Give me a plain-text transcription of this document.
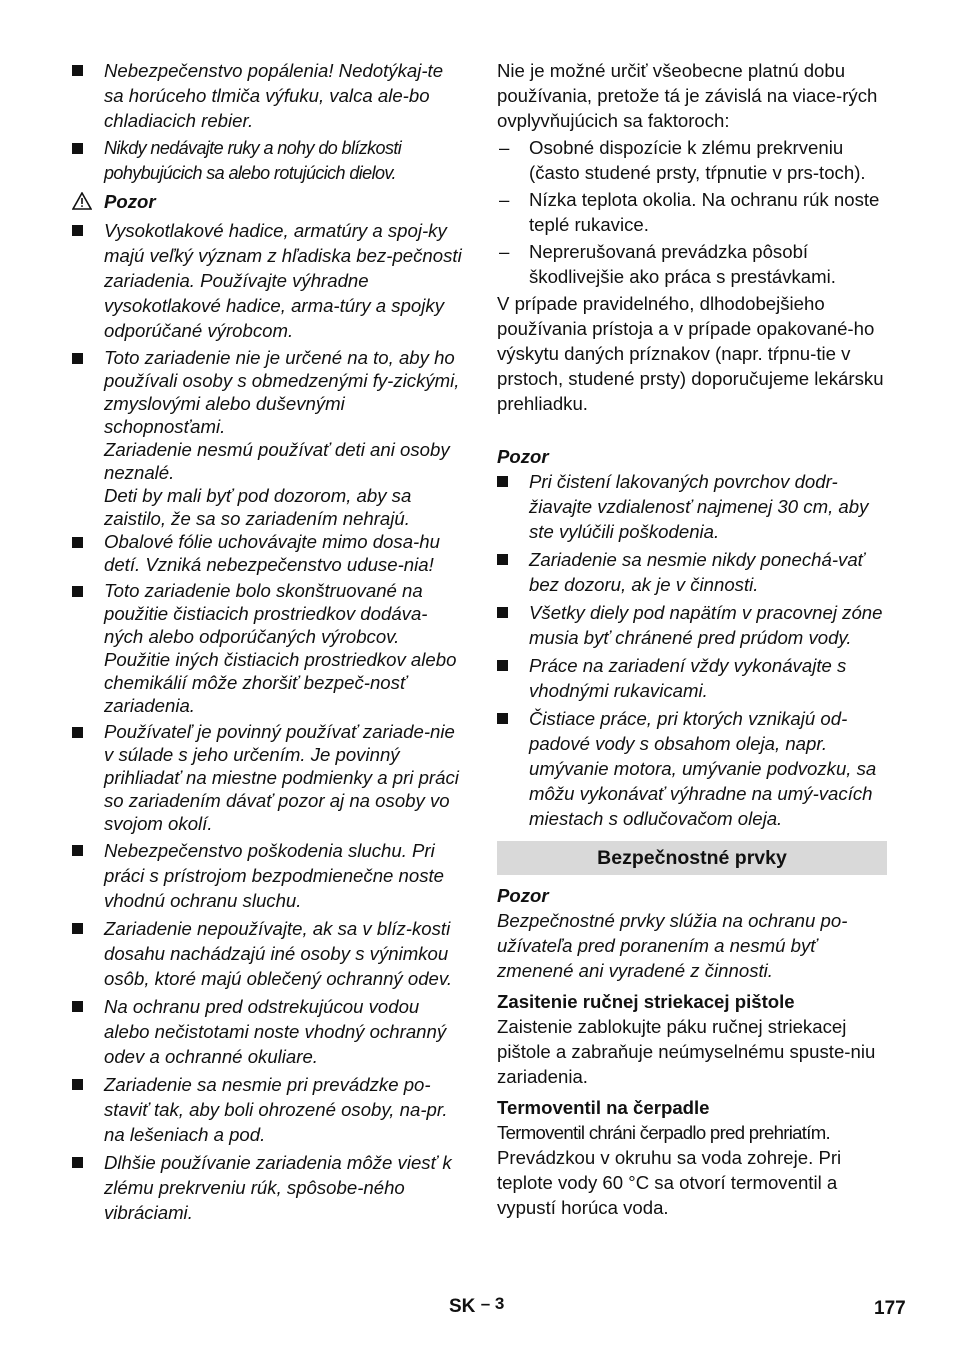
Nebezpečenstvo popálenia! Nedotýkaj-te sa horúceho tlmiča výfuku, valca ale-bo chladiacich rebier.

Nikdy nedávajte ruky a nohy do blízkosti pohybujúcich sa alebo rotujúcich dielov.

Pozor

Vysokotlakové hadice, armatúry a spoj-ky majú veľký význam z hľadiska bez-pečnosti zariadenia. Používajte výhradne vysokotlakové hadice, arma-túry a spojky odporúčané výrobcom.

Toto zariadenie nie je určené na to, aby ho používali osoby s obmedzenými fy-zickými, zmyslovými alebo duševnými schopnosťami.

Zariadenie nesmú používať deti ani osoby neznalé.

Deti by mali byť pod dozorom, aby sa zaistilo, že sa so zariadením nehrajú.

Obalové fólie uchovávajte mimo dosa-hu detí. Vzniká nebezpečenstvo uduse-nia!

Toto zariadenie bolo skonštruované na použitie čistiacich prostriedkov dodáva-ných alebo odporúčaných výrobcov. Použitie iných čistiacich prostriedkov alebo chemikálií môže zhoršiť bezpeč-nosť zariadenia.

Používateľ je povinný používať zariade-nie v súlade s jeho určením. Je povinný prihliadať na miestne podmienky a pri práci so zariadením dávať pozor aj na osoby vo svojom okolí.

Nebezpečenstvo poškodenia sluchu. Pri práci s prístrojom bezpodmienečne noste vhodnú ochranu sluchu.

Zariadenie nepoužívajte, ak sa v blíz-kosti dosahu nachádzajú iné osoby s výnimkou osôb, ktoré majú oblečený ochranný odev.

Na ochranu pred odstrekujúcou vodou alebo nečistotami noste vhodný ochranný odev a ochranné okuliare.

Zariadenie sa nesmie pri prevádzke po-staviť tak, aby boli ohrozené osoby, na-pr. na lešeniach a pod.

Dlhšie používanie zariadenia môže viesť k zlému prekrveniu rúk, spôsobe-ného vibráciami.

Nie je možné určiť všeobecne platnú dobu používania, pretože tá je závislá na viace-rých ovplyvňujúcich sa faktoroch:

– Osobné dispozície k zlému prekrveniu (často studené prsty, tŕpnutie v prs-toch).
– Nízka teplota okolia. Na ochranu rúk noste teplé rukavice.
– Neprerušovaná prevádzka pôsobí škodlivejšie ako práca s prestávkami.

V prípade pravidelného, dlhodobejšieho používania prístoja a v prípade opakované-ho výskytu daných príznakov (napr. tŕpnu-tie v prstoch, studené prsty) doporučujeme lekársku prehliadku.

Pozor

Pri čistení lakovaných povrchov dodr-žiavajte vzdialenosť najmenej 30 cm, aby ste vylúčili poškodenia.

Zariadenie sa nesmie nikdy ponechá-vať bez dozoru, ak je v činnosti.

Všetky diely pod napätím v pracovnej zóne musia byť chránené pred prúdom vody.

Práce na zariadení vždy vykonávajte s vhodnými rukavicami.

Čistiace práce, pri ktorých vznikajú od-padové vody s obsahom oleja, napr. umývanie motora, umývanie podvozku, sa môžu vykonávať výhradne na umý-vacích miestach s odlučovačom oleja.

Bezpečnostné prvky

Pozor

Bezpečnostné prvky slúžia na ochranu po-užívateľa pred poranením a nesmú byť zmenené ani vyradené z činnosti.

Zasitenie ručnej striekacej pištole

Zaistenie zablokujte páku ručnej striekacej pištole a zabraňuje neúmyselnému spuste-niu zariadenia.

Termoventil na čerpadle

Termoventil chráni čerpadlo pred prehriatím.

Prevádzkou v okruhu sa voda zohreje. Pri teplote vody 60 °C sa otvorí termoventil a vypustí horúca voda.

SK – 3	177
